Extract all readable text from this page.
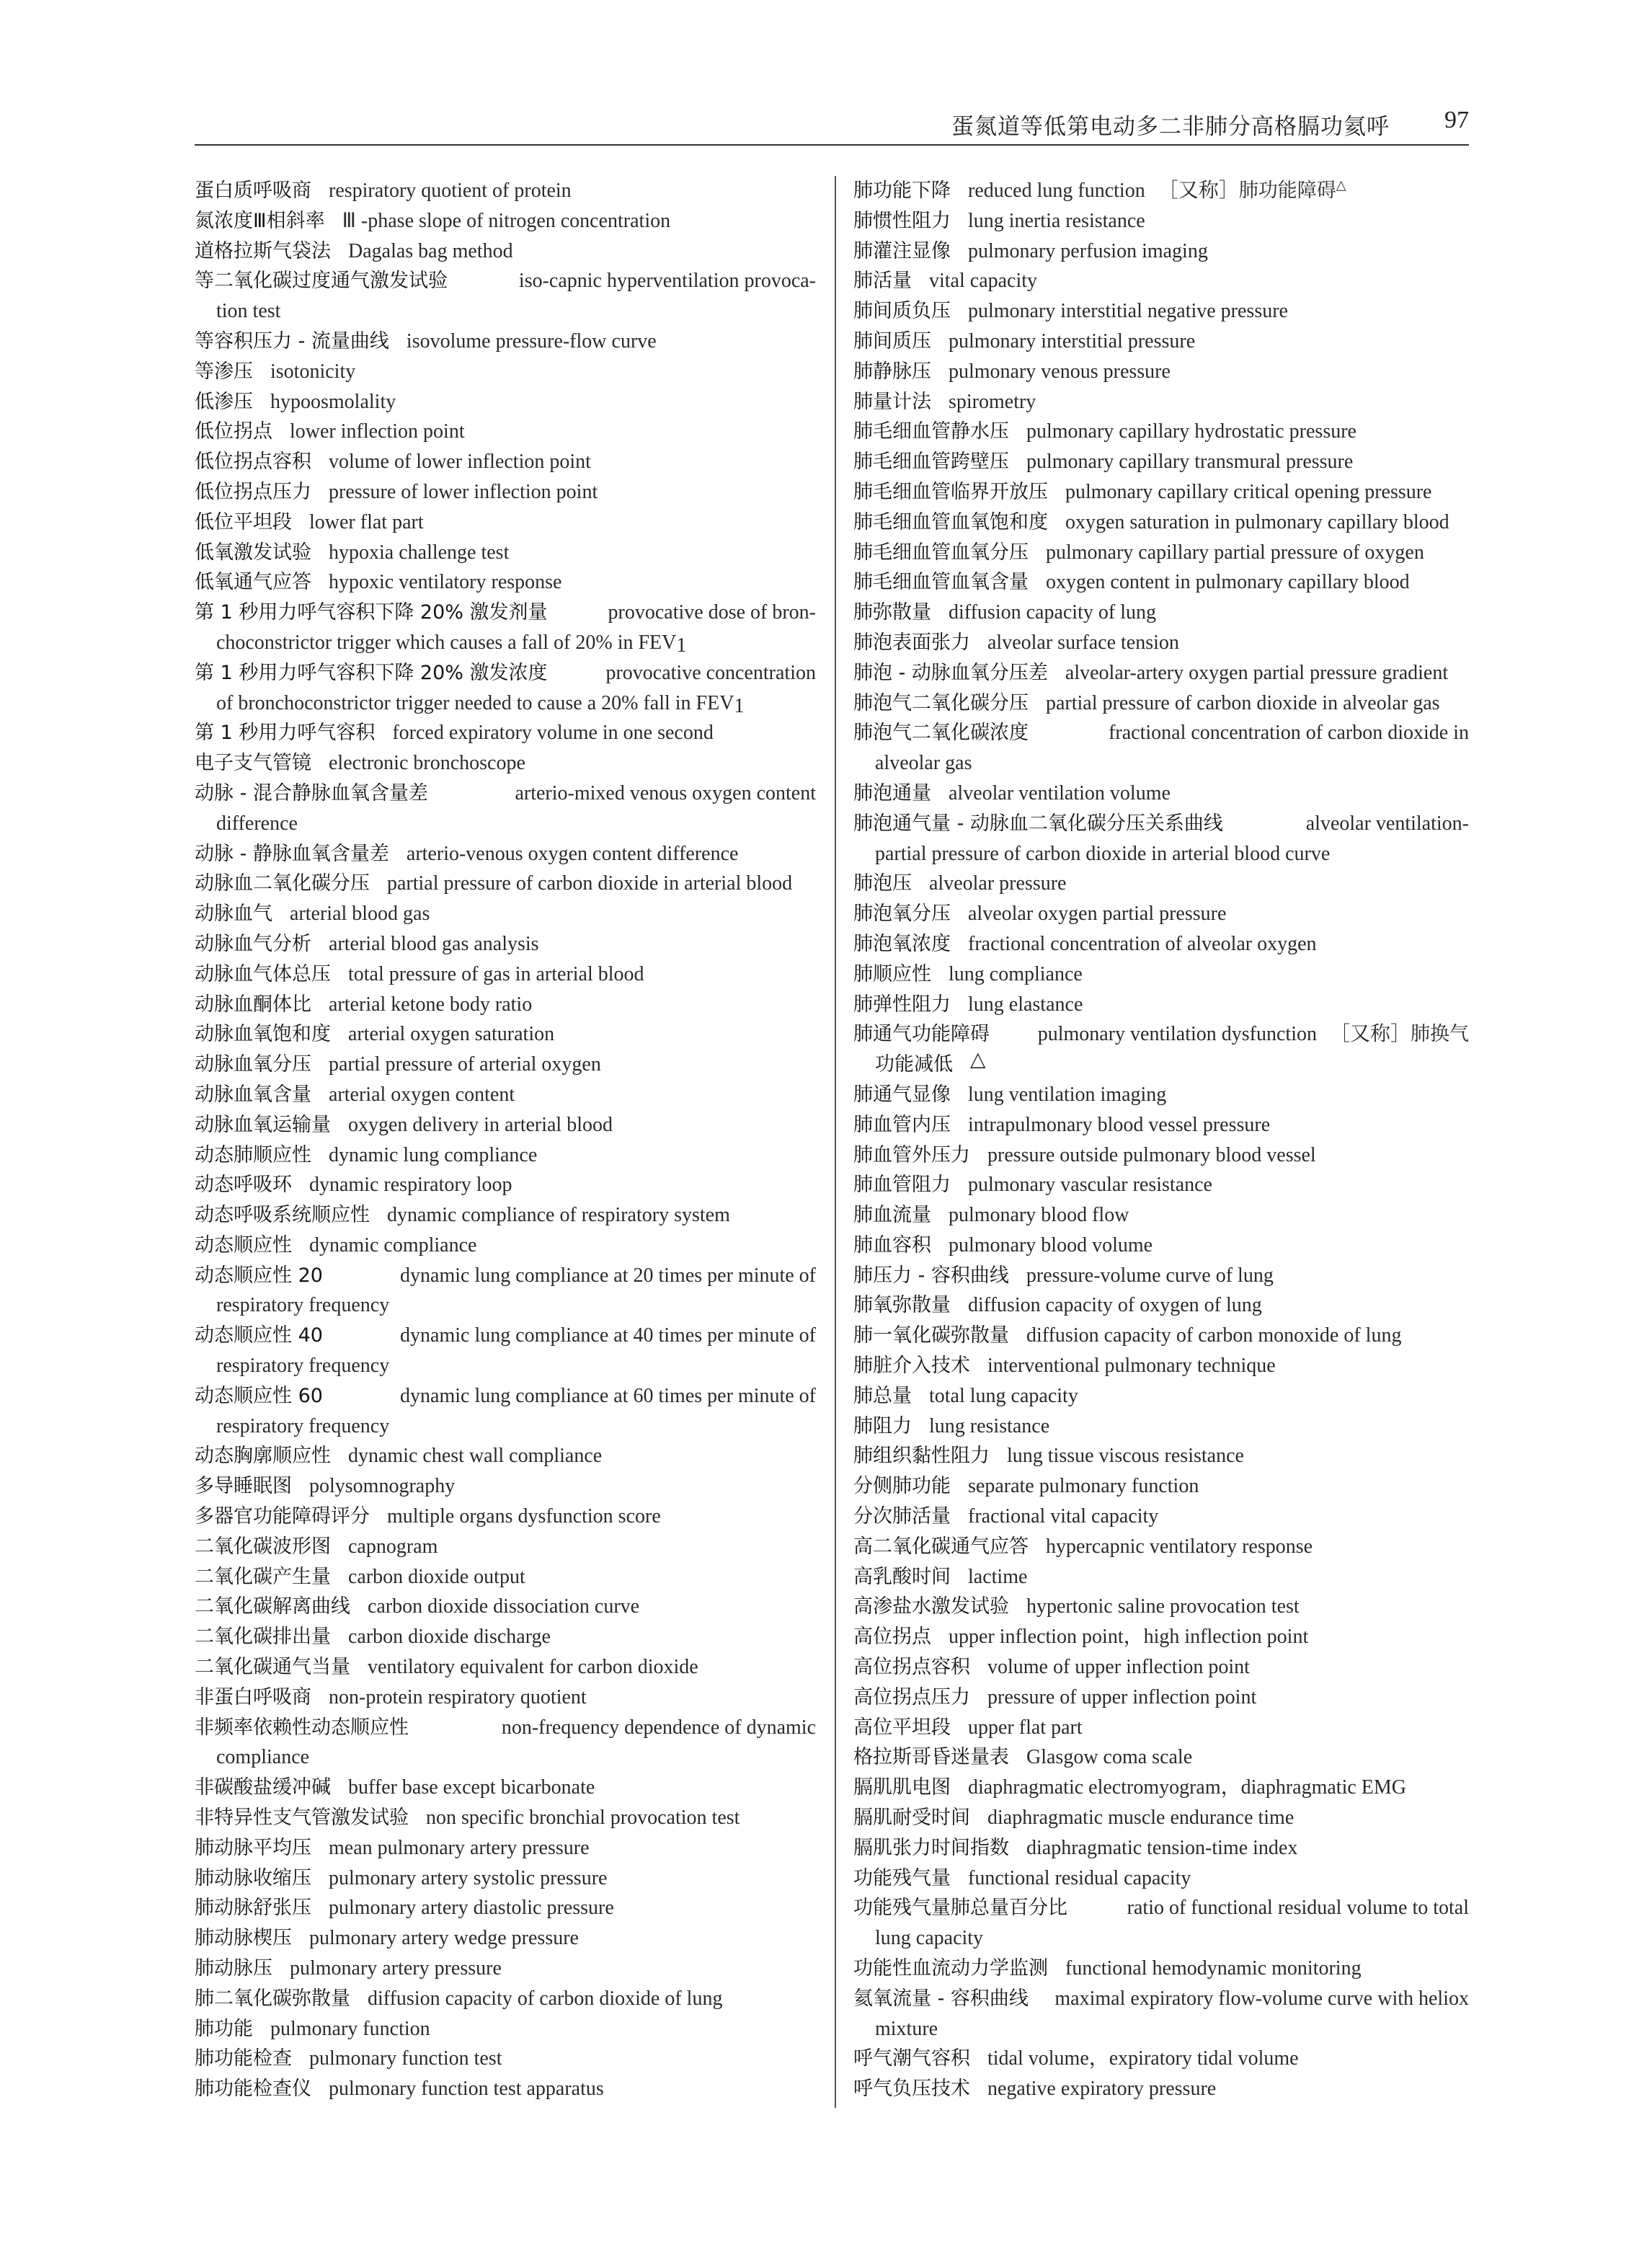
蛋氮道等低第电动多二非肺分高格膈功氦呼 97
蛋白质呼吸商 respiratory quotient of protein
氮浓度Ⅲ相斜率 Ⅲ -phase slope of nitrogen concentration
道格拉斯气袋法 Dagalas bag method
等二氧化碳过度通气激发试验	iso-capnic hyperventilation provoca-
tion test
等容积压力 - 流量曲线 isovolume pressure-flow curve
等渗压 isotonicity
低渗压 hypoosmolality
低位拐点 lower inflection point
低位拐点容积 volume of lower inflection point
低位拐点压力 pressure of lower inflection point
低位平坦段 lower flat part
低氧激发试验 hypoxia challenge test
低氧通气应答 hypoxic ventilatory response
第 1 秒用力呼气容积下降 20% 激发剂量	provocative dose of bron-
choconstrictor trigger which causes a fall of 20% in $FEV_1$
第 1 秒用力呼气容积下降 20% 激发浓度	provocative concentration
of bronchoconstrictor trigger needed to cause a 20% fall in $FEV_1$
第 1 秒用力呼气容积 forced expiratory volume in one second
电子支气管镜 electronic bronchoscope
动脉 - 混合静脉血氧含量差	arterio-mixed venous oxygen content
difference
动脉 - 静脉血氧含量差 arterio-venous oxygen content difference
动脉血二氧化碳分压 partial pressure of carbon dioxide in arterial blood
动脉血气 arterial blood gas
动脉血气分析 arterial blood gas analysis
动脉血气体总压 total pressure of gas in arterial blood
动脉血酮体比 arterial ketone body ratio
动脉血氧饱和度 arterial oxygen saturation
动脉血氧分压 partial pressure of arterial oxygen
动脉血氧含量 arterial oxygen content
动脉血氧运输量 oxygen delivery in arterial blood
动态肺顺应性 dynamic lung compliance
动态呼吸环 dynamic respiratory loop
动态呼吸系统顺应性 dynamic compliance of respiratory system
动态顺应性 dynamic compliance
动态顺应性 20	dynamic lung compliance at 20 times per minute of
respiratory frequency
动态顺应性 40	dynamic lung compliance at 40 times per minute of
respiratory frequency
动态顺应性 60	dynamic lung compliance at 60 times per minute of
respiratory frequency
动态胸廓顺应性 dynamic chest wall compliance
多导睡眠图 polysomnography
多器官功能障碍评分 multiple organs dysfunction score
二氧化碳波形图 capnogram
二氧化碳产生量 carbon dioxide output
二氧化碳解离曲线 carbon dioxide dissociation curve
二氧化碳排出量 carbon dioxide discharge
二氧化碳通气当量 ventilatory equivalent for carbon dioxide
非蛋白呼吸商 non-protein respiratory quotient
非频率依赖性动态顺应性	non-frequency dependence of dynamic
compliance
非碳酸盐缓冲碱 buffer base except bicarbonate
非特异性支气管激发试验 non specific bronchial provocation test
肺动脉平均压 mean pulmonary artery pressure
肺动脉收缩压 pulmonary artery systolic pressure
肺动脉舒张压 pulmonary artery diastolic pressure
肺动脉楔压 pulmonary artery wedge pressure
肺动脉压 pulmonary artery pressure
肺二氧化碳弥散量 diffusion capacity of carbon dioxide of lung
肺功能 pulmonary function
肺功能检查 pulmonary function test
肺功能检查仪 pulmonary function test apparatus
肺功能下降 reduced lung function ［又称］肺功能障碍△
肺惯性阻力 lung inertia resistance
肺灌注显像 pulmonary perfusion imaging
肺活量 vital capacity
肺间质负压 pulmonary interstitial negative pressure
肺间质压 pulmonary interstitial pressure
肺静脉压 pulmonary venous pressure
肺量计法 spirometry
肺毛细血管静水压 pulmonary capillary hydrostatic pressure
肺毛细血管跨壁压 pulmonary capillary transmural pressure
肺毛细血管临界开放压 pulmonary capillary critical opening pressure
肺毛细血管血氧饱和度 oxygen saturation in pulmonary capillary blood
肺毛细血管血氧分压 pulmonary capillary partial pressure of oxygen
肺毛细血管血氧含量 oxygen content in pulmonary capillary blood
肺弥散量 diffusion capacity of lung
肺泡表面张力 alveolar surface tension
肺泡 - 动脉血氧分压差 alveolar-artery oxygen partial pressure gradient
肺泡气二氧化碳分压 partial pressure of carbon dioxide in alveolar gas
肺泡气二氧化碳浓度	fractional concentration of carbon dioxide in
alveolar gas
肺泡通量 alveolar ventilation volume
肺泡通气量 - 动脉血二氧化碳分压关系曲线	alveolar ventilation-
partial pressure of carbon dioxide in arterial blood curve
肺泡压 alveolar pressure
肺泡氧分压 alveolar oxygen partial pressure
肺泡氧浓度 fractional concentration of alveolar oxygen
肺顺应性 lung compliance
肺弹性阻力 lung elastance
肺通气功能障碍 pulmonary ventilation dysfunction ［又称］肺换气
功能减低 △
肺通气显像 lung ventilation imaging
肺血管内压 intrapulmonary blood vessel pressure
肺血管外压力 pressure outside pulmonary blood vessel
肺血管阻力 pulmonary vascular resistance
肺血流量 pulmonary blood flow
肺血容积 pulmonary blood volume
肺压力 - 容积曲线 pressure-volume curve of lung
肺氧弥散量 diffusion capacity of oxygen of lung
肺一氧化碳弥散量 diffusion capacity of carbon monoxide of lung
肺脏介入技术 interventional pulmonary technique
肺总量 total lung capacity
肺阻力 lung resistance
肺组织黏性阻力 lung tissue viscous resistance
分侧肺功能 separate pulmonary function
分次肺活量 fractional vital capacity
高二氧化碳通气应答 hypercapnic ventilatory response
高乳酸时间 lactime
高渗盐水激发试验 hypertonic saline provocation test
高位拐点 upper inflection point，high inflection point
高位拐点容积 volume of upper inflection point
高位拐点压力 pressure of upper inflection point
高位平坦段 upper flat part
格拉斯哥昏迷量表 Glasgow coma scale
膈肌肌电图 diaphragmatic electromyogram，diaphragmatic EMG
膈肌耐受时间 diaphragmatic muscle endurance time
膈肌张力时间指数 diaphragmatic tension-time index
功能残气量 functional residual capacity
功能残气量肺总量百分比	ratio of functional residual volume to total
lung capacity
功能性血流动力学监测 functional hemodynamic monitoring
氦氧流量 - 容积曲线 maximal expiratory flow-volume curve with heliox
mixture
呼气潮气容积 tidal volume，expiratory tidal volume
呼气负压技术 negative expiratory pressure
